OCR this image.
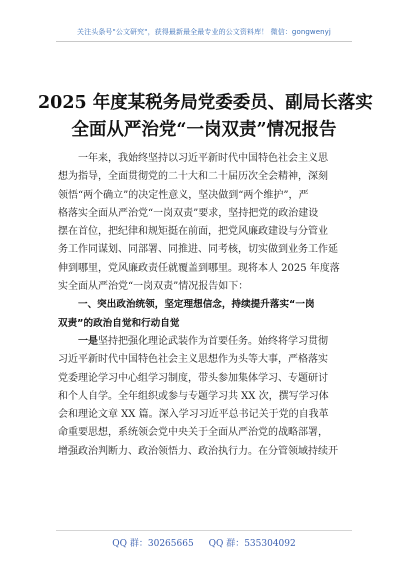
关注头条号"公文研究"，获得最新最全最专业的公文资料库！ 微信：gongwenyj
2025 年度某税务局党委委员、副局长落实
全面从严治党“一岗双责”情况报告
一年来，我始终坚持以习近平新时代中国特色社会主义思
想为指导，全面贯彻党的二十大和二十届历次全会精神，深刻
领悟“两个确立”的决定性意义，坚决做到“两个维护”，严
格落实全面从严治党“一岗双责”要求，坚持把党的政治建设
摆在首位，把纪律和规矩挺在前面，把党风廉政建设与分管业
务工作同谋划、同部署、同推进、同考核，切实做到业务工作延
伸到哪里，党风廉政责任就覆盖到哪里。现将本人 2025 年度落
实全面从严治党“一岗双责”情况报告如下：
一、突出政治统领，坚定理想信念，持续提升落实“一岗
双责”的政治自觉和行动自觉
一是坚持把强化理论武装作为首要任务。始终将学习贯彻
习近平新时代中国特色社会主义思想作为头等大事，严格落实
党委理论学习中心组学习制度，带头参加集体学习、专题研讨
和个人自学。全年组织或参与专题学习共 XX 次，撰写学习体
会和理论文章 XX 篇。深入学习习近平总书记关于党的自我革
命重要思想，系统领会党中央关于全面从严治党的战略部署，
增强政治判断力、政治领悟力、政治执行力。在分管领域持续开
QQ 群：30265665 QQ 群：535304092
